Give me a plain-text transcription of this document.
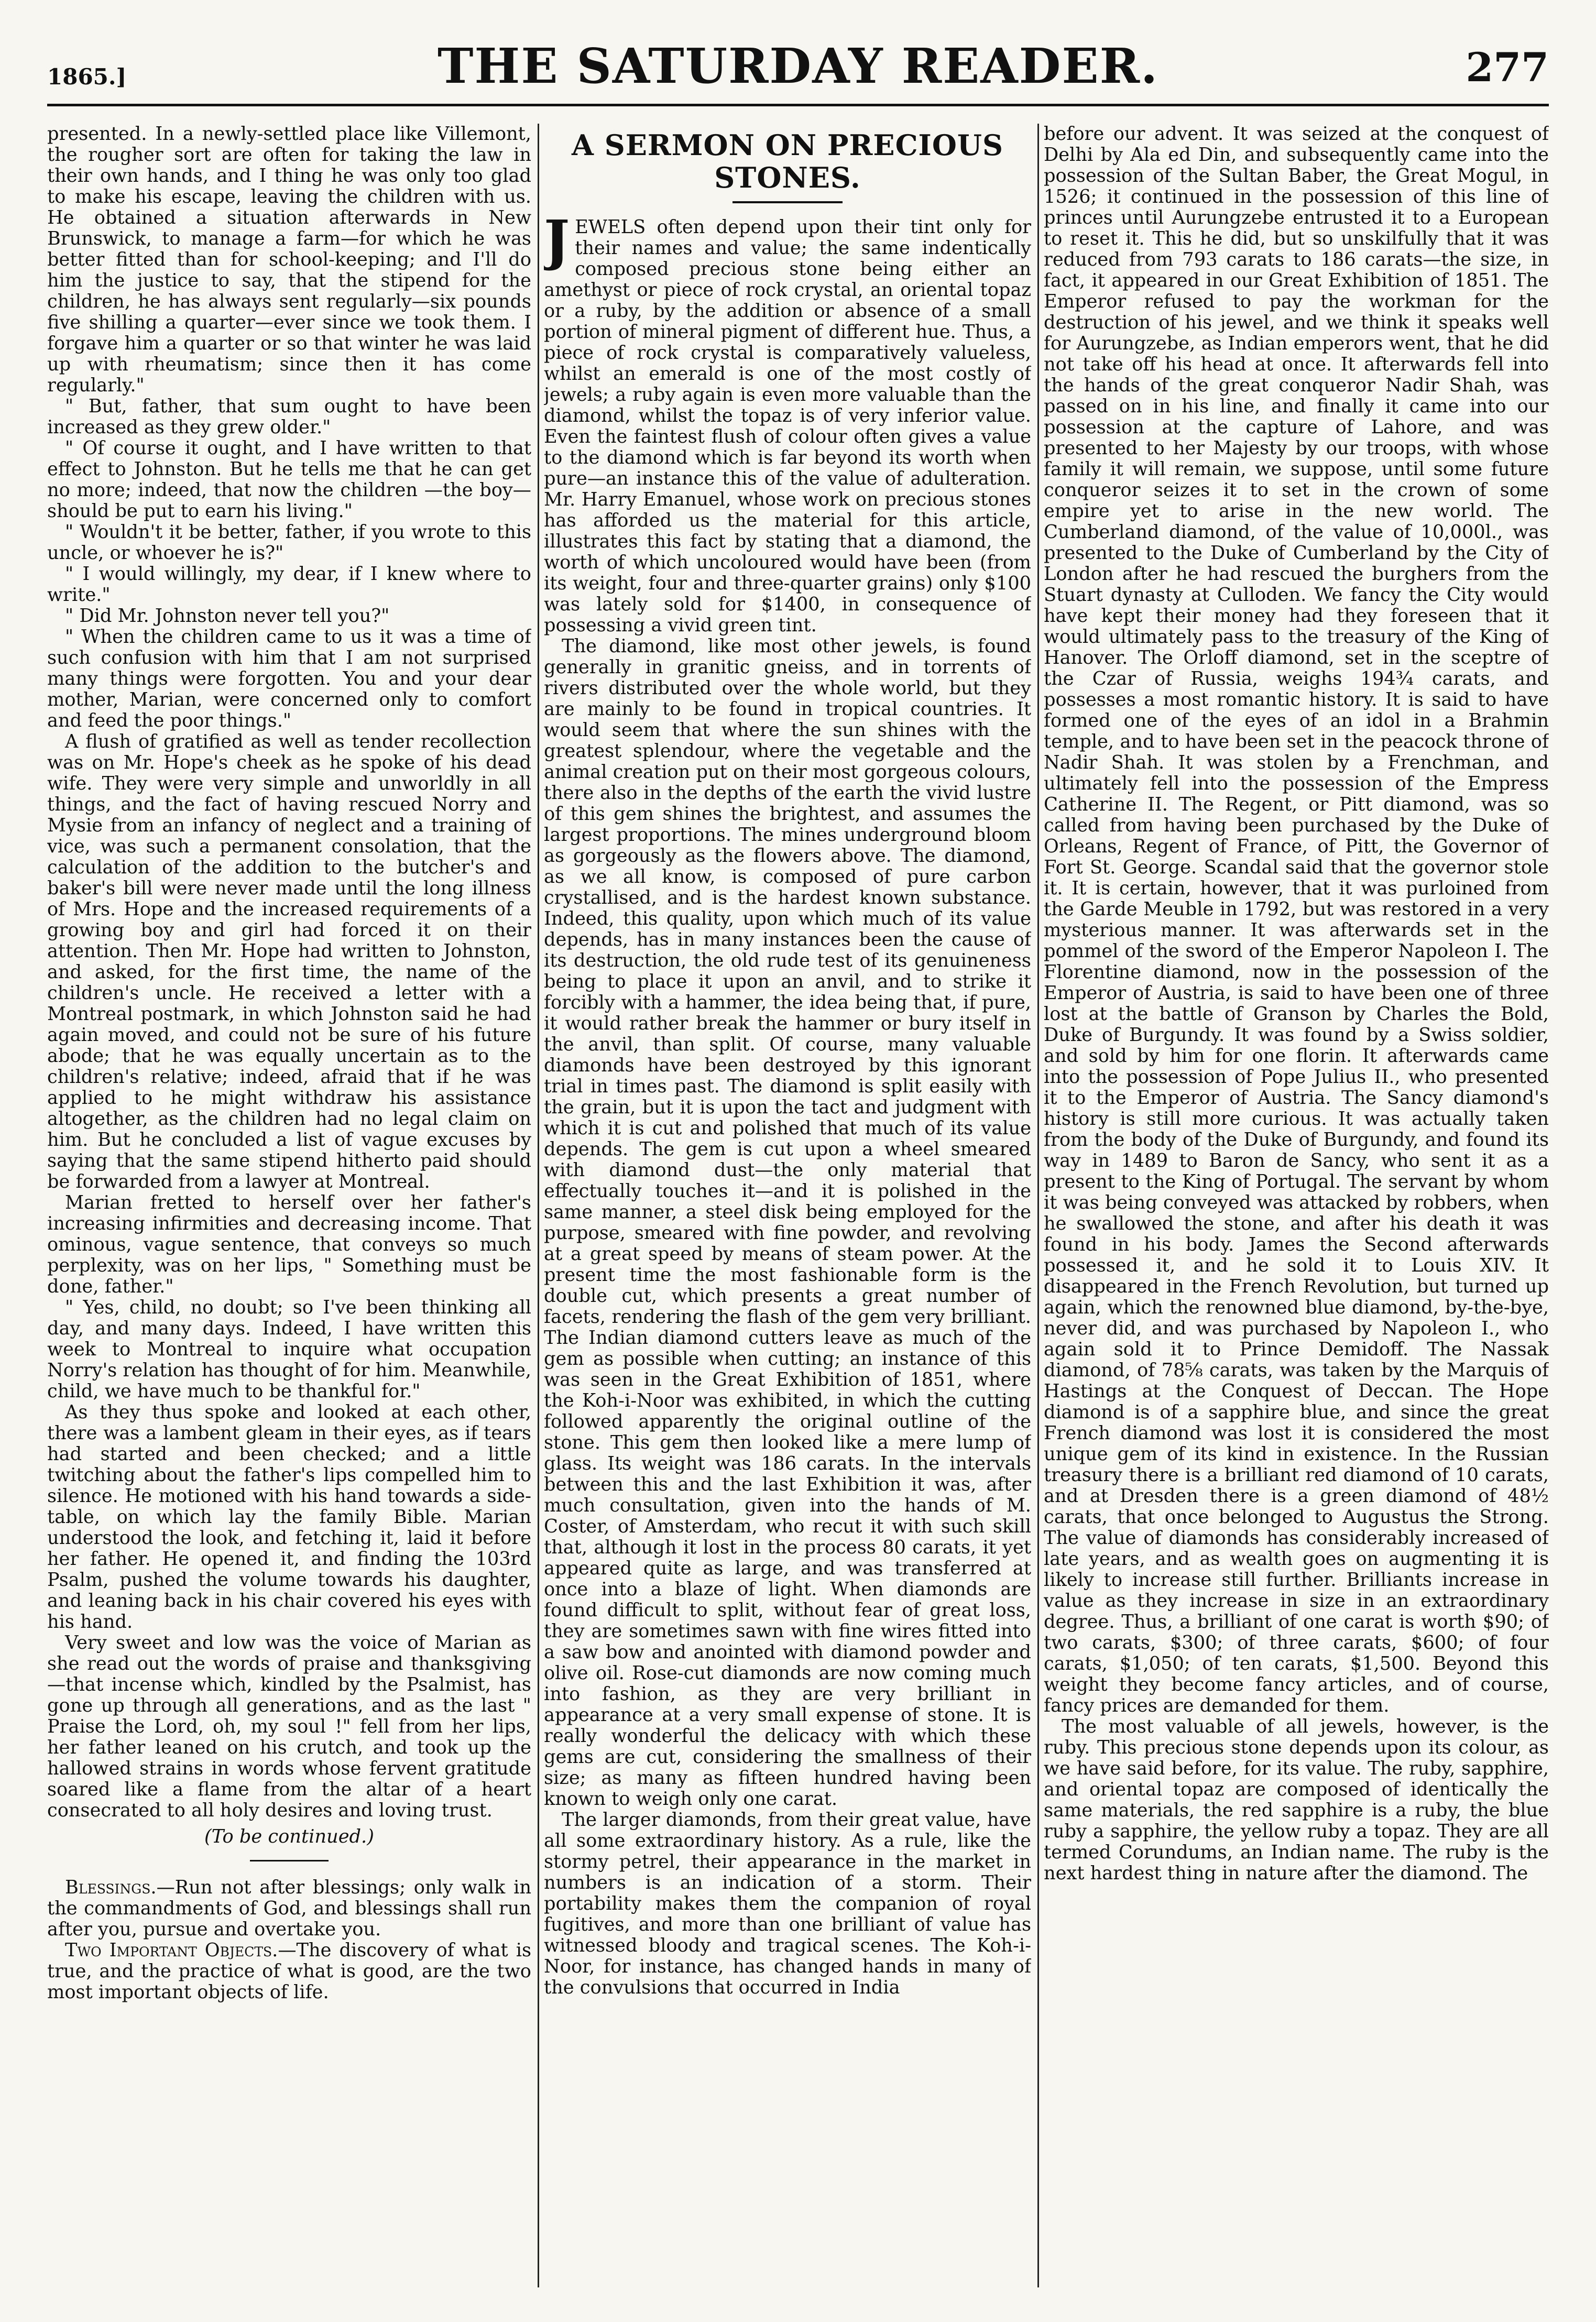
1865.]	THE SATURDAY READER.	277

presented. In a newly-settled place like Villemont, the rougher sort are often for taking the law in their own hands, and I thing he was only too glad to make his escape, leaving the children with us. He obtained a situation afterwards in New Brunswick, to manage a farm—for which he was better fitted than for school-keeping; and I'll do him the justice to say, that the stipend for the children, he has always sent regularly—six pounds five shilling a quarter—ever since we took them. I forgave him a quarter or so that winter he was laid up with rheumatism; since then it has come regularly."

" But, father, that sum ought to have been increased as they grew older."

" Of course it ought, and I have written to that effect to Johnston. But he tells me that he can get no more; indeed, that now the children —the boy—should be put to earn his living."

" Wouldn't it be better, father, if you wrote to this uncle, or whoever he is?"

" I would willingly, my dear, if I knew where to write."

" Did Mr. Johnston never tell you?"

" When the children came to us it was a time of such confusion with him that I am not surprised many things were forgotten. You and your dear mother, Marian, were concerned only to comfort and feed the poor things."

A flush of gratified as well as tender recollection was on Mr. Hope's cheek as he spoke of his dead wife. They were very simple and unworldly in all things, and the fact of having rescued Norry and Mysie from an infancy of neglect and a training of vice, was such a permanent consolation, that the calculation of the addition to the butcher's and baker's bill were never made until the long illness of Mrs. Hope and the increased requirements of a growing boy and girl had forced it on their attention. Then Mr. Hope had written to Johnston, and asked, for the first time, the name of the children's uncle. He received a letter with a Montreal postmark, in which Johnston said he had again moved, and could not be sure of his future abode; that he was equally uncertain as to the children's relative; indeed, afraid that if he was applied to he might withdraw his assistance altogether, as the children had no legal claim on him. But he concluded a list of vague excuses by saying that the same stipend hitherto paid should be forwarded from a lawyer at Montreal.

Marian fretted to herself over her father's increasing infirmities and decreasing income. That ominous, vague sentence, that conveys so much perplexity, was on her lips, " Something must be done, father."

" Yes, child, no doubt; so I've been thinking all day, and many days. Indeed, I have written this week to Montreal to inquire what occupation Norry's relation has thought of for him. Meanwhile, child, we have much to be thankful for."

As they thus spoke and looked at each other, there was a lambent gleam in their eyes, as if tears had started and been checked; and a little twitching about the father's lips compelled him to silence. He motioned with his hand towards a side-table, on which lay the family Bible. Marian understood the look, and fetching it, laid it before her father. He opened it, and finding the 103rd Psalm, pushed the volume towards his daughter, and leaning back in his chair covered his eyes with his hand.

Very sweet and low was the voice of Marian as she read out the words of praise and thanksgiving—that incense which, kindled by the Psalmist, has gone up through all generations, and as the last " Praise the Lord, oh, my soul !" fell from her lips, her father leaned on his crutch, and took up the hallowed strains in words whose fervent gratitude soared like a flame from the altar of a heart consecrated to all holy desires and loving trust.

(To be continued.)

Blessings.—Run not after blessings; only walk in the commandments of God, and blessings shall run after you, pursue and overtake you.

Two Important Objects.—The discovery of what is true, and the practice of what is good, are the two most important objects of life.

A SERMON ON PRECIOUS STONES.

JEWELS often depend upon their tint only for their names and value; the same indentically composed precious stone being either an amethyst or piece of rock crystal, an oriental topaz or a ruby, by the addition or absence of a small portion of mineral pigment of different hue. Thus, a piece of rock crystal is comparatively valueless, whilst an emerald is one of the most costly of jewels; a ruby again is even more valuable than the diamond, whilst the topaz is of very inferior value. Even the faintest flush of colour often gives a value to the diamond which is far beyond its worth when pure—an instance this of the value of adulteration. Mr. Harry Emanuel, whose work on precious stones has afforded us the material for this article, illustrates this fact by stating that a diamond, the worth of which uncoloured would have been (from its weight, four and three-quarter grains) only $100 was lately sold for $1400, in consequence of possessing a vivid green tint.

The diamond, like most other jewels, is found generally in granitic gneiss, and in torrents of rivers distributed over the whole world, but they are mainly to be found in tropical countries. It would seem that where the sun shines with the greatest splendour, where the vegetable and the animal creation put on their most gorgeous colours, there also in the depths of the earth the vivid lustre of this gem shines the brightest, and assumes the largest proportions. The mines underground bloom as gorgeously as the flowers above. The diamond, as we all know, is composed of pure carbon crystallised, and is the hardest known substance. Indeed, this quality, upon which much of its value depends, has in many instances been the cause of its destruction, the old rude test of its genuineness being to place it upon an anvil, and to strike it forcibly with a hammer, the idea being that, if pure, it would rather break the hammer or bury itself in the anvil, than split. Of course, many valuable diamonds have been destroyed by this ignorant trial in times past. The diamond is split easily with the grain, but it is upon the tact and judgment with which it is cut and polished that much of its value depends. The gem is cut upon a wheel smeared with diamond dust—the only material that effectually touches it—and it is polished in the same manner, a steel disk being employed for the purpose, smeared with fine powder, and revolving at a great speed by means of steam power. At the present time the most fashionable form is the double cut, which presents a great number of facets, rendering the flash of the gem very brilliant. The Indian diamond cutters leave as much of the gem as possible when cutting; an instance of this was seen in the Great Exhibition of 1851, where the Koh-i-Noor was exhibited, in which the cutting followed apparently the original outline of the stone. This gem then looked like a mere lump of glass. Its weight was 186 carats. In the intervals between this and the last Exhibition it was, after much consultation, given into the hands of M. Coster, of Amsterdam, who recut it with such skill that, although it lost in the process 80 carats, it yet appeared quite as large, and was transferred at once into a blaze of light. When diamonds are found difficult to split, without fear of great loss, they are sometimes sawn with fine wires fitted into a saw bow and anointed with diamond powder and olive oil. Rose-cut diamonds are now coming much into fashion, as they are very brilliant in appearance at a very small expense of stone. It is really wonderful the delicacy with which these gems are cut, considering the smallness of their size; as many as fifteen hundred having been known to weigh only one carat.

The larger diamonds, from their great value, have all some extraordinary history. As a rule, like the stormy petrel, their appearance in the market in numbers is an indication of a storm. Their portability makes them the companion of royal fugitives, and more than one brilliant of value has witnessed bloody and tragical scenes. The Koh-i-Noor, for instance, has changed hands in many of the convulsions that occurred in India

before our advent. It was seized at the conquest of Delhi by Ala ed Din, and subsequently came into the possession of the Sultan Baber, the Great Mogul, in 1526; it continued in the possession of this line of princes until Aurungzebe entrusted it to a European to reset it. This he did, but so unskilfully that it was reduced from 793 carats to 186 carats—the size, in fact, it appeared in our Great Exhibition of 1851. The Emperor refused to pay the workman for the destruction of his jewel, and we think it speaks well for Aurungzebe, as Indian emperors went, that he did not take off his head at once. It afterwards fell into the hands of the great conqueror Nadir Shah, was passed on in his line, and finally it came into our possession at the capture of Lahore, and was presented to her Majesty by our troops, with whose family it will remain, we suppose, until some future conqueror seizes it to set in the crown of some empire yet to arise in the new world. The Cumberland diamond, of the value of 10,000l., was presented to the Duke of Cumberland by the City of London after he had rescued the burghers from the Stuart dynasty at Culloden. We fancy the City would have kept their money had they foreseen that it would ultimately pass to the treasury of the King of Hanover. The Orloff diamond, set in the sceptre of the Czar of Russia, weighs 194¾ carats, and possesses a most romantic history. It is said to have formed one of the eyes of an idol in a Brahmin temple, and to have been set in the peacock throne of Nadir Shah. It was stolen by a Frenchman, and ultimately fell into the possession of the Empress Catherine II. The Regent, or Pitt diamond, was so called from having been purchased by the Duke of Orleans, Regent of France, of Pitt, the Governor of Fort St. George. Scandal said that the governor stole it. It is certain, however, that it was purloined from the Garde Meuble in 1792, but was restored in a very mysterious manner. It was afterwards set in the pommel of the sword of the Emperor Napoleon I. The Florentine diamond, now in the possession of the Emperor of Austria, is said to have been one of three lost at the battle of Granson by Charles the Bold, Duke of Burgundy. It was found by a Swiss soldier, and sold by him for one florin. It afterwards came into the possession of Pope Julius II., who presented it to the Emperor of Austria. The Sancy diamond's history is still more curious. It was actually taken from the body of the Duke of Burgundy, and found its way in 1489 to Baron de Sancy, who sent it as a present to the King of Portugal. The servant by whom it was being conveyed was attacked by robbers, when he swallowed the stone, and after his death it was found in his body. James the Second afterwards possessed it, and he sold it to Louis XIV. It disappeared in the French Revolution, but turned up again, which the renowned blue diamond, by-the-bye, never did, and was purchased by Napoleon I., who again sold it to Prince Demidoff. The Nassak diamond, of 78⅝ carats, was taken by the Marquis of Hastings at the Conquest of Deccan. The Hope diamond is of a sapphire blue, and since the great French diamond was lost it is considered the most unique gem of its kind in existence. In the Russian treasury there is a brilliant red diamond of 10 carats, and at Dresden there is a green diamond of 48½ carats, that once belonged to Augustus the Strong. The value of diamonds has considerably increased of late years, and as wealth goes on augmenting it is likely to increase still further. Brilliants increase in value as they increase in size in an extraordinary degree. Thus, a brilliant of one carat is worth $90; of two carats, $300; of three carats, $600; of four carats, $1,050; of ten carats, $1,500. Beyond this weight they become fancy articles, and of course, fancy prices are demanded for them.

The most valuable of all jewels, however, is the ruby. This precious stone depends upon its colour, as we have said before, for its value. The ruby, sapphire, and oriental topaz are composed of identically the same materials, the red sapphire is a ruby, the blue ruby a sapphire, the yellow ruby a topaz. They are all termed Corundums, an Indian name. The ruby is the next hardest thing in nature after the diamond. The
